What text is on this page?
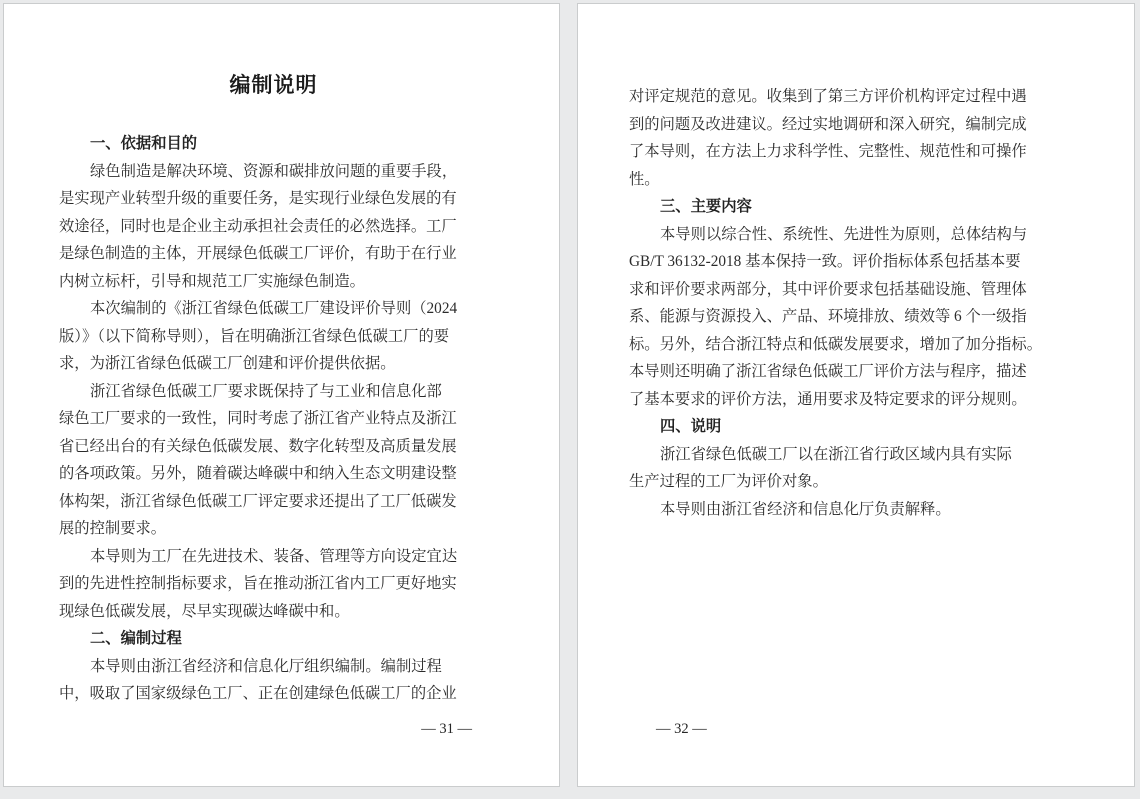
编制说明
一、依据和目的
绿色制造是解决环境、资源和碳排放问题的重要手段，
是实现产业转型升级的重要任务，是实现行业绿色发展的有
效途径，同时也是企业主动承担社会责任的必然选择。工厂
是绿色制造的主体，开展绿色低碳工厂评价，有助于在行业
内树立标杆，引导和规范工厂实施绿色制造。
本次编制的《浙江省绿色低碳工厂建设评价导则（2024
版）》（以下简称导则），旨在明确浙江省绿色低碳工厂的要
求，为浙江省绿色低碳工厂创建和评价提供依据。
浙江省绿色低碳工厂要求既保持了与工业和信息化部
绿色工厂要求的一致性，同时考虑了浙江省产业特点及浙江
省已经出台的有关绿色低碳发展、数字化转型及高质量发展
的各项政策。另外，随着碳达峰碳中和纳入生态文明建设整
体构架，浙江省绿色低碳工厂评定要求还提出了工厂低碳发
展的控制要求。
本导则为工厂在先进技术、装备、管理等方向设定宜达
到的先进性控制指标要求，旨在推动浙江省内工厂更好地实
现绿色低碳发展，尽早实现碳达峰碳中和。
二、编制过程
本导则由浙江省经济和信息化厅组织编制。编制过程
中，吸取了国家级绿色工厂、正在创建绿色低碳工厂的企业
— 31 —
对评定规范的意见。收集到了第三方评价机构评定过程中遇
到的问题及改进建议。经过实地调研和深入研究，编制完成
了本导则，在方法上力求科学性、完整性、规范性和可操作
性。
三、主要内容
本导则以综合性、系统性、先进性为原则，总体结构与
GB/T 36132-2018 基本保持一致。评价指标体系包括基本要
求和评价要求两部分，其中评价要求包括基础设施、管理体
系、能源与资源投入、产品、环境排放、绩效等 6 个一级指
标。另外，结合浙江特点和低碳发展要求，增加了加分指标。
本导则还明确了浙江省绿色低碳工厂评价方法与程序，描述
了基本要求的评价方法，通用要求及特定要求的评分规则。
四、说明
浙江省绿色低碳工厂以在浙江省行政区域内具有实际
生产过程的工厂为评价对象。
本导则由浙江省经济和信息化厅负责解释。
— 32 —
